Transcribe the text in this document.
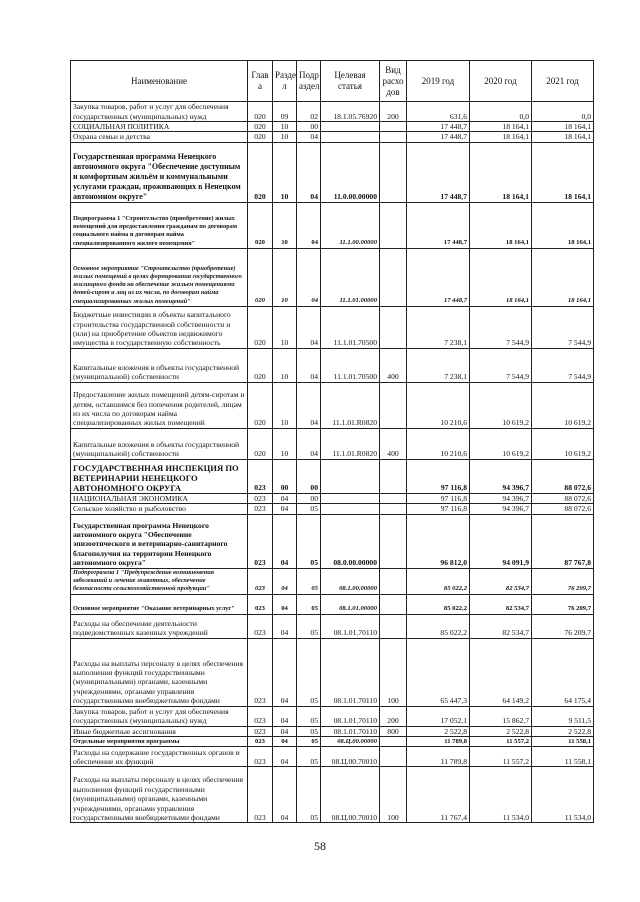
Наименование	Глав а	Разде л	Подр аздел	Целевая статья	Вид расхо дов	2019 год	2020 год	2021 год
Закупка товаров, работ и услуг для обеспечения государственных (муниципальных) нужд	020	09	02	18.1.05.76920	200	631,6	0,0	0,0
СОЦИАЛЬНАЯ ПОЛИТИКА	020	10	00			17 448,7	18 164,1	18 164,1
Охрана семьи и детства	020	10	04			17 448,7	18 164,1	18 164,1
Государственная программа Ненецкого автономного округа "Обеспечение доступным и комфортным жильём и коммунальными услугами граждан, проживающих в Ненецком автономном округе"	020	10	04	11.0.00.00000		17 448,7	18 164,1	18 164,1
Подпрограмма 1 "Строительство (приобретение) жилых помещений для предоставления гражданам по договорам социального найма и договорам найма специализированного жилого помещения"	020	10	04	11.1.00.00000		17 448,7	18 164,1	18 164,1
Основное мероприятие "Строительство (приобретение) жилых помещений в целях формирования государственного жилищного фонда на обеспечение жильем помещениями детей-сирот и лиц из их числа, по договорам найма специализированных жилых помещений"	020	10	04	11.1.01.00000		17 448,7	18 164,1	18 164,1
Бюджетные инвестиции в объекты капитального строительства государственной собственности и (или) на приобретение объектов недвижимого имущества в государственную собственность	020	10	04	11.1.01.70500		7 238,1	7 544,9	7 544,9
Капитальные вложения в объекты государственной (муниципальной) собственности	020	10	04	11.1.01.70500	400	7 238,1	7 544,9	7 544,9
Предоставление жилых помещений детям-сиротам и детям, оставшимся без попечения родителей, лицам из их числа по договорам найма специализированных жилых помещений	020	10	04	11.1.01.R0820		10 210,6	10 619,2	10 619,2
Капитальные вложения в объекты государственной (муниципальной) собственности	020	10	04	11.1.01.R0820	400	10 210,6	10 619,2	10 619,2
ГОСУДАРСТВЕННАЯ ИНСПЕКЦИЯ ПО ВЕТЕРИНАРИИ НЕНЕЦКОГО АВТОНОМНОГО ОКРУГА	023	00	00			97 116,8	94 396,7	88 072,6
НАЦИОНАЛЬНАЯ ЭКОНОМИКА	023	04	00			97 116,8	94 396,7	88 072,6
Сельское хозяйство и рыболовство	023	04	05			97 116,8	94 396,7	88 072,6
Государственная программа Ненецкого автономного округа "Обеспечение эпизоотического и ветеринарно-санитарного благополучия на территории Ненецкого автономного округа"	023	04	05	08.0.00.00000		96 812,0	94 091,9	87 767,8
Подпрограмма 1 "Предупреждение возникновения заболеваний и лечение животных, обеспечение безопасности сельскохозяйственной продукции"	023	04	05	08.1.00.00000		85 022,2	82 534,7	76 209,7
Основное мероприятие "Оказание ветеринарных услуг"	023	04	05	08.1.01.00000		85 022,2	82 534,7	76 209,7
Расходы на обеспечение деятельности подведомственных казенных учреждений	023	04	05	08.1.01.70110		85 022,2	82 534,7	76 209,7
Расходы на выплаты персоналу в целях обеспечения выполнения функций государственными (муниципальными) органами, казенными учреждениями, органами управления государственными внебюджетными фондами	023	04	05	08.1.01.70110	100	65 447,3	64 149,2	64 175,4
Закупка товаров, работ и услуг для обеспечения государственных (муниципальных) нужд	023	04	05	08.1.01.70110	200	17 052,1	15 862,7	9 511,5
Иные бюджетные ассигнования	023	04	05	08.1.01.70110	800	2 522,8	2 522,8	2 522,8
Отдельные мероприятия программы	023	04	05	08.Ц.00.00000		11 789,8	11 557,2	11 558,1
Расходы на содержание государственных органов и обеспечение их функций	023	04	05	08.Ц.00.70010		11 789,8	11 557,2	11 558,1
Расходы на выплаты персоналу в целях обеспечения выполнения функций государственными (муниципальными) органами, казенными учреждениями, органами управления государственными внебюджетными фондами	023	04	05	08.Ц.00.70010	100	11 767,4	11 534,0	11 534,0
58
